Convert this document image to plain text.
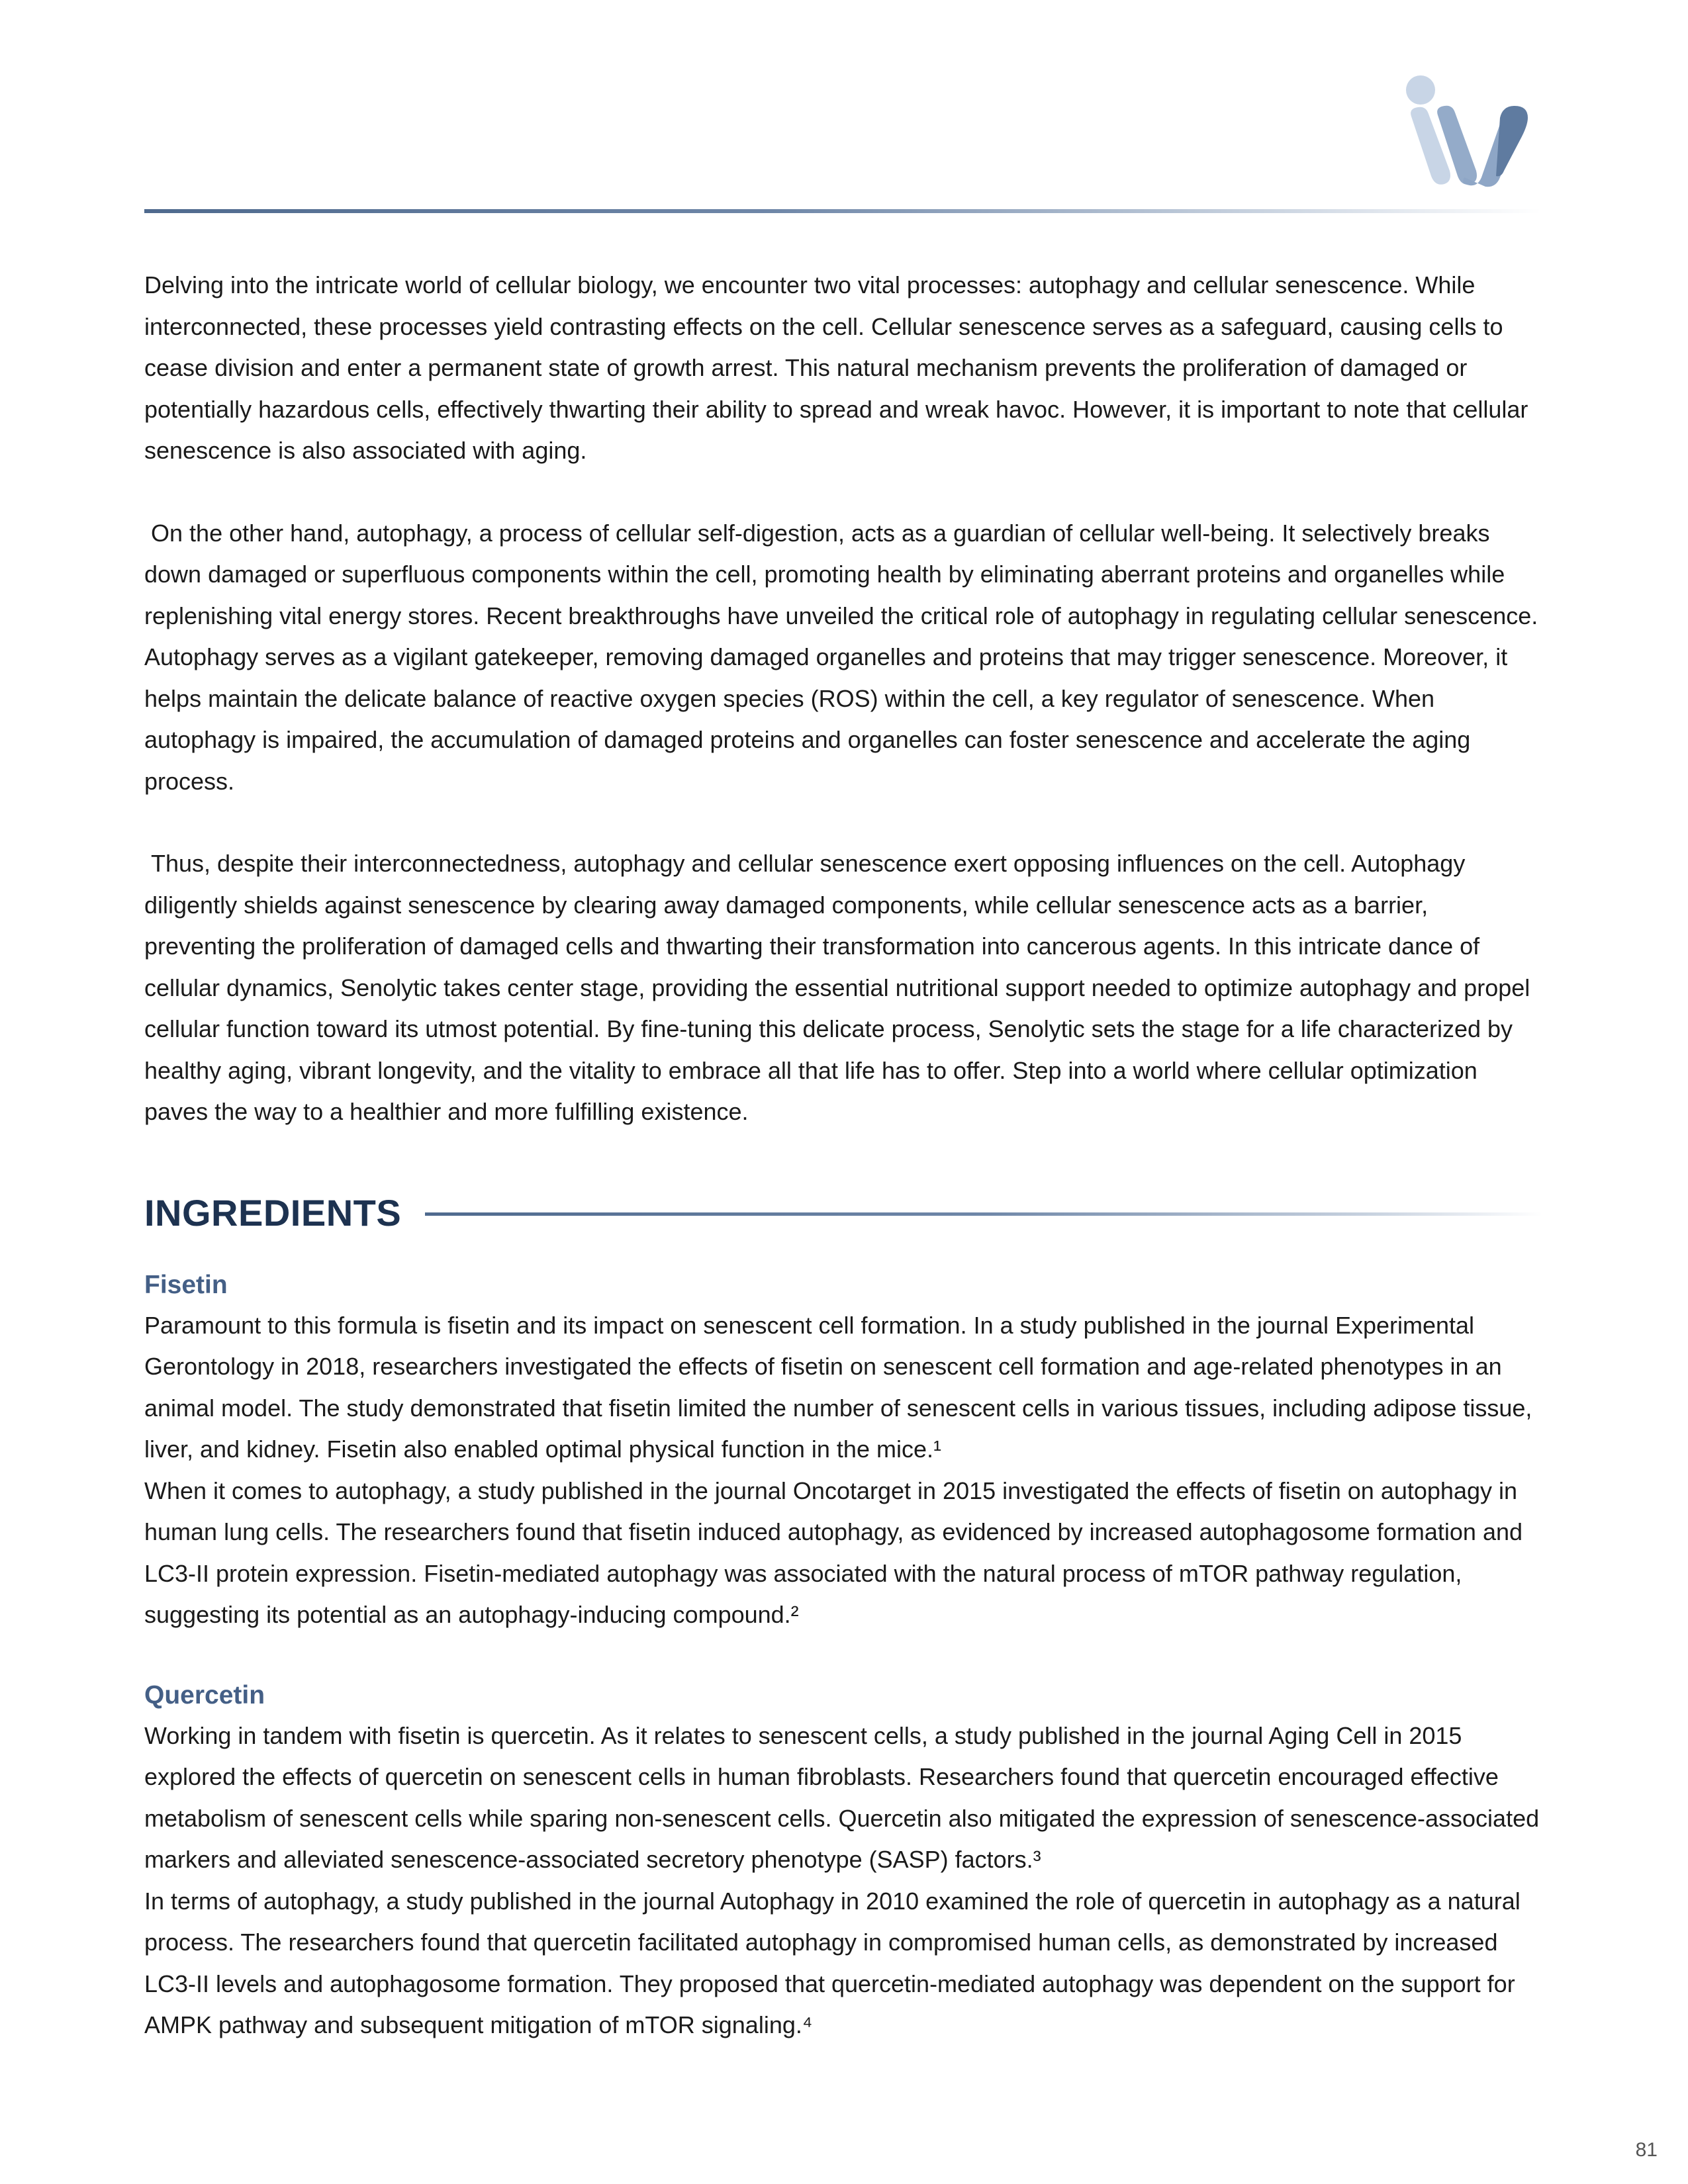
Delving into the intricate world of cellular biology, we encounter two vital processes: autophagy and cellular senescence. While interconnected, these processes yield contrasting effects on the cell. Cellular senescence serves as a safeguard, causing cells to cease division and enter a permanent state of growth arrest. This natural mechanism prevents the proliferation of damaged or potentially hazardous cells, effectively thwarting their ability to spread and wreak havoc. However, it is important to note that cellular senescence is also associated with aging.

On the other hand, autophagy, a process of cellular self-digestion, acts as a guardian of cellular well-being. It selectively breaks down damaged or superfluous components within the cell, promoting health by eliminating aberrant proteins and organelles while replenishing vital energy stores. Recent breakthroughs have unveiled the critical role of autophagy in regulating cellular senescence. Autophagy serves as a vigilant gatekeeper, removing damaged organelles and proteins that may trigger senescence. Moreover, it helps maintain the delicate balance of reactive oxygen species (ROS) within the cell, a key regulator of senescence. When autophagy is impaired, the accumulation of damaged proteins and organelles can foster senescence and accelerate the aging process.

Thus, despite their interconnectedness, autophagy and cellular senescence exert opposing influences on the cell. Autophagy diligently shields against senescence by clearing away damaged components, while cellular senescence acts as a barrier, preventing the proliferation of damaged cells and thwarting their transformation into cancerous agents. In this intricate dance of cellular dynamics, Senolytic takes center stage, providing the essential nutritional support needed to optimize autophagy and propel cellular function toward its utmost potential. By fine-tuning this delicate process, Senolytic sets the stage for a life characterized by healthy aging, vibrant longevity, and the vitality to embrace all that life has to offer. Step into a world where cellular optimization paves the way to a healthier and more fulfilling existence.

INGREDIENTS
Fisetin

Paramount to this formula is fisetin and its impact on senescent cell formation. In a study published in the journal Experimental Gerontology in 2018, researchers investigated the effects of fisetin on senescent cell formation and age-related phenotypes in an animal model. The study demonstrated that fisetin limited the number of senescent cells in various tissues, including adipose tissue, liver, and kidney. Fisetin also enabled optimal physical function in the mice.¹

When it comes to autophagy, a study published in the journal Oncotarget in 2015 investigated the effects of fisetin on autophagy in human lung cells. The researchers found that fisetin induced autophagy, as evidenced by increased autophagosome formation and LC3-II protein expression. Fisetin-mediated autophagy was associated with the natural process of mTOR pathway regulation, suggesting its potential as an autophagy-inducing compound.²

Quercetin

Working in tandem with fisetin is quercetin. As it relates to senescent cells, a study published in the journal Aging Cell in 2015 explored the effects of quercetin on senescent cells in human fibroblasts. Researchers found that quercetin encouraged effective metabolism of senescent cells while sparing non-senescent cells. Quercetin also mitigated the expression of senescence-associated markers and alleviated senescence-associated secretory phenotype (SASP) factors.³

In terms of autophagy, a study published in the journal Autophagy in 2010 examined the role of quercetin in autophagy as a natural process. The researchers found that quercetin facilitated autophagy in compromised human cells, as demonstrated by increased LC3-II levels and autophagosome formation. They proposed that quercetin-mediated autophagy was dependent on the support for AMPK pathway and subsequent mitigation of mTOR signaling.⁴

81
